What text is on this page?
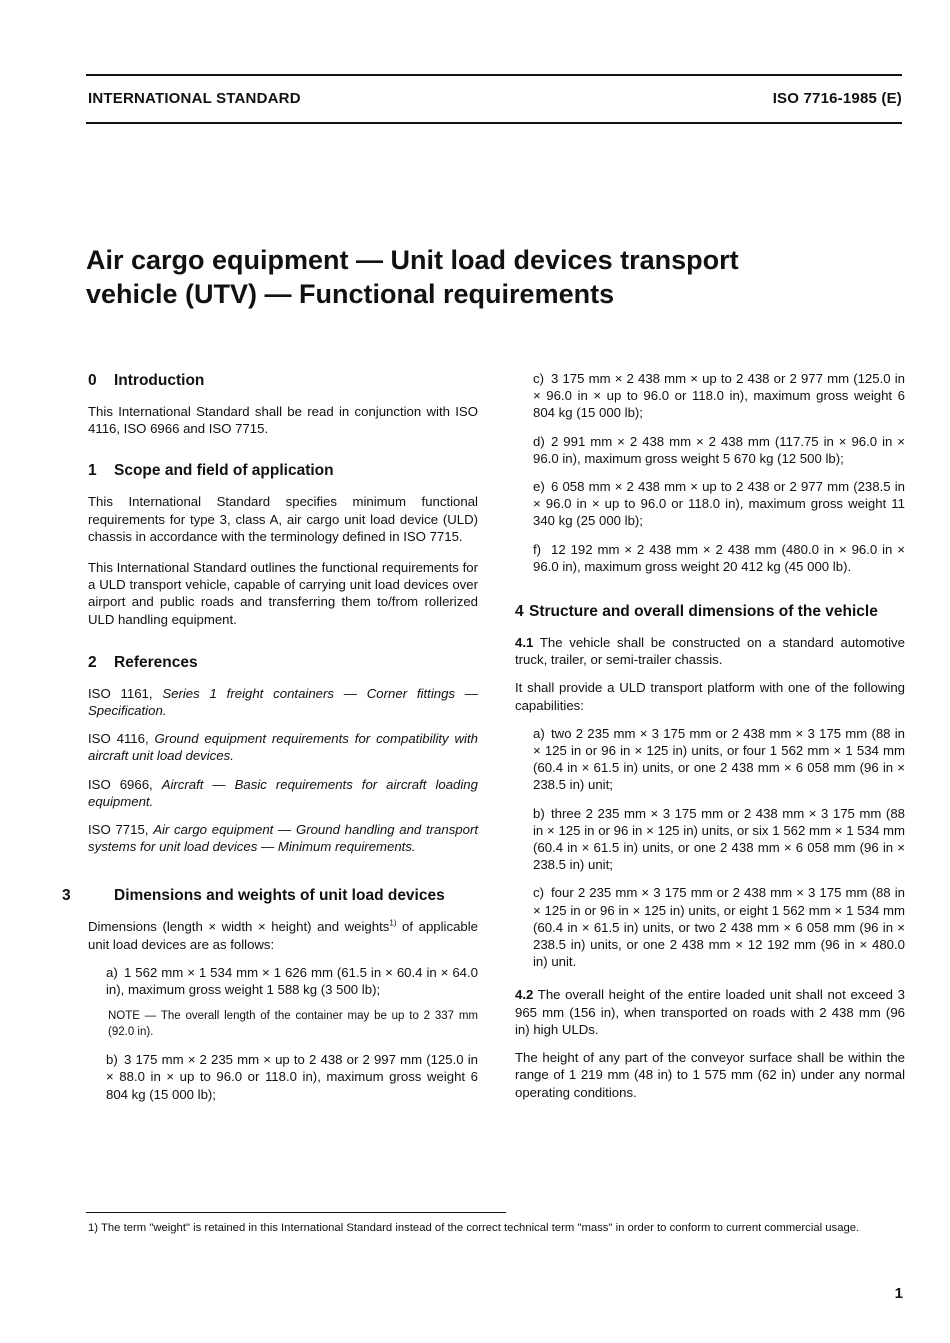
INTERNATIONAL STANDARD	ISO 7716-1985 (E)
Air cargo equipment — Unit load devices transport
vehicle (UTV) — Functional requirements
0 Introduction

This International Standard shall be read in conjunction with ISO 4116, ISO 6966 and ISO 7715.

1 Scope and field of application

This International Standard specifies minimum functional requirements for type 3, class A, air cargo unit load device (ULD) chassis in accordance with the terminology defined in ISO 7715.

This International Standard outlines the functional requirements for a ULD transport vehicle, capable of carrying unit load devices over airport and public roads and transferring them to/from rollerized ULD handling equipment.

2 References

ISO 1161, Series 1 freight containers — Corner fittings — Specification.

ISO 4116, Ground equipment requirements for compatibility with aircraft unit load devices.

ISO 6966, Aircraft — Basic requirements for aircraft loading equipment.

ISO 7715, Air cargo equipment — Ground handling and transport systems for unit load devices — Minimum requirements.

3	Dimensions and weights of unit load devices

Dimensions (length × width × height) and weights$^{1)}$ of applicable unit load devices are as follows:

a) 1 562 mm × 1 534 mm × 1 626 mm (61.5 in × 60.4 in × 64.0 in), maximum gross weight 1 588 kg (3 500 lb);

NOTE — The overall length of the container may be up to 2 337 mm (92.0 in).

b) 3 175 mm × 2 235 mm × up to 2 438 or 2 997 mm (125.0 in × 88.0 in × up to 96.0 or 118.0 in), maximum gross weight 6 804 kg (15 000 lb);

c) 3 175 mm × 2 438 mm × up to 2 438 or 2 977 mm (125.0 in × 96.0 in × up to 96.0 or 118.0 in), maximum gross weight 6 804 kg (15 000 lb);

d) 2 991 mm × 2 438 mm × 2 438 mm (117.75 in × 96.0 in × 96.0 in), maximum gross weight 5 670 kg (12 500 lb);

e) 6 058 mm × 2 438 mm × up to 2 438 or 2 977 mm (238.5 in × 96.0 in × up to 96.0 or 118.0 in), maximum gross weight 11 340 kg (25 000 lb);

f) 12 192 mm × 2 438 mm × 2 438 mm (480.0 in × 96.0 in × 96.0 in), maximum gross weight 20 412 kg (45 000 lb).

4 Structure and overall dimensions of the vehicle

4.1 The vehicle shall be constructed on a standard automotive truck, trailer, or semi-trailer chassis.

It shall provide a ULD transport platform with one of the following capabilities:

a) two 2 235 mm × 3 175 mm or 2 438 mm × 3 175 mm (88 in × 125 in or 96 in × 125 in) units, or four 1 562 mm × 1 534 mm (60.4 in × 61.5 in) units, or one 2 438 mm × 6 058 mm (96 in × 238.5 in) unit;

b) three 2 235 mm × 3 175 mm or 2 438 mm × 3 175 mm (88 in × 125 in or 96 in × 125 in) units, or six 1 562 mm × 1 534 mm (60.4 in × 61.5 in) units, or one 2 438 mm × 6 058 mm (96 in × 238.5 in) unit;

c) four 2 235 mm × 3 175 mm or 2 438 mm × 3 175 mm (88 in × 125 in or 96 in × 125 in) units, or eight 1 562 mm × 1 534 mm (60.4 in × 61.5 in) units, or two 2 438 mm × 6 058 mm (96 in × 238.5 in) units, or one 2 438 mm × 12 192 mm (96 in × 480.0 in) unit.

4.2 The overall height of the entire loaded unit shall not exceed 3 965 mm (156 in), when transported on roads with 2 438 mm (96 in) high ULDs.

The height of any part of the conveyor surface shall be within the range of 1 219 mm (48 in) to 1 575 mm (62 in) under any normal operating conditions.

1) The term "weight" is retained in this International Standard instead of the correct technical term "mass" in order to conform to current commercial usage.
1
